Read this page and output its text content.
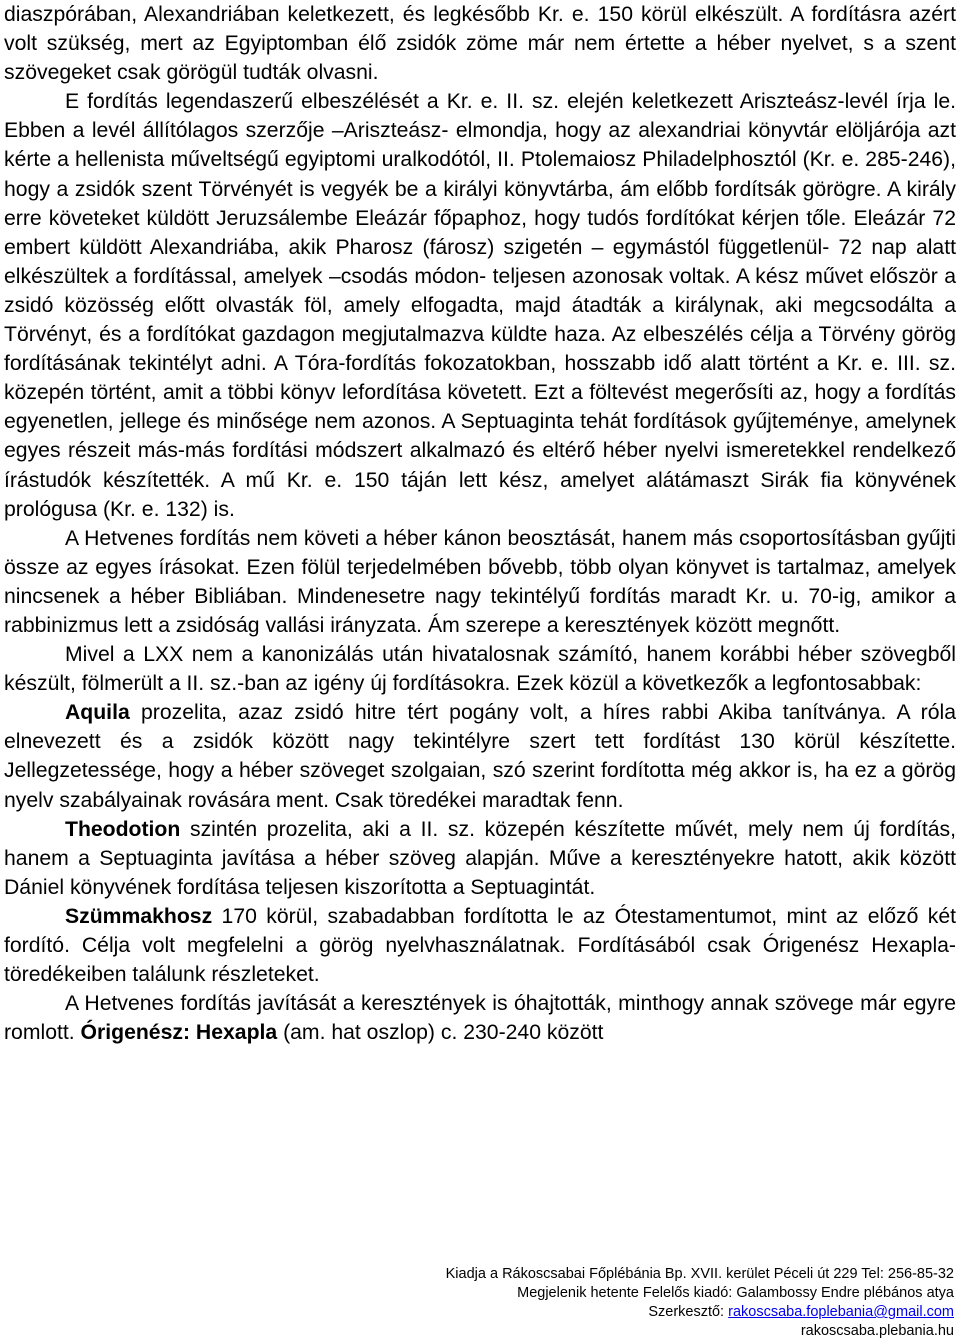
diaszpórában, Alexandriában keletkezett, és legkésőbb Kr. e. 150 körül elkészült. A fordításra azért volt szükség, mert az Egyiptomban élő zsidók zöme már nem értette a héber nyelvet, s a szent szövegeket csak görögül tudták olvasni.

E fordítás legendaszerű elbeszélését a Kr. e. II. sz. elején keletkezett Ariszteász-levél írja le. Ebben a levél állítólagos szerzője –Ariszteász- elmondja, hogy az alexandriai könyvtár elöljárója azt kérte a hellenista műveltségű egyiptomi uralkodótól, II. Ptolemaiosz Philadelphosztól (Kr. e. 285-246), hogy a zsidók szent Törvényét is vegyék be a királyi könyvtárba, ám előbb fordítsák görögre. A király erre követeket küldött Jeruzsálembe Eleázár főpaphoz, hogy tudós fordítókat kérjen tőle. Eleázár 72 embert küldött Alexandriába, akik Pharosz (fárosz) szigetén – egymástól függetlenül- 72 nap alatt elkészültek a fordítással, amelyek –csodás módon- teljesen azonosak voltak. A kész művet először a zsidó közösség előtt olvasták föl, amely elfogadta, majd átadták a királynak, aki megcsodálta a Törvényt, és a fordítókat gazdagon megjutalmazva küldte haza. Az elbeszélés célja a Törvény görög fordításának tekintélyt adni. A Tóra-fordítás fokozatokban, hosszabb idő alatt történt a Kr. e. III. sz. közepén történt, amit a többi könyv lefordítása követett. Ezt a föltevést megerősíti az, hogy a fordítás egyenetlen, jellege és minősége nem azonos. A Septuaginta tehát fordítások gyűjteménye, amelynek egyes részeit más-más fordítási módszert alkalmazó és eltérő héber nyelvi ismeretekkel rendelkező írástudók készítették. A mű Kr. e. 150 táján lett kész, amelyet alátámaszt Sirák fia könyvének prológusa (Kr. e. 132) is.

A Hetvenes fordítás nem követi a héber kánon beosztását, hanem más csoportosításban gyűjti össze az egyes írásokat. Ezen fölül terjedelmében bővebb, több olyan könyvet is tartalmaz, amelyek nincsenek a héber Bibliában. Mindenesetre nagy tekintélyű fordítás maradt Kr. u. 70-ig, amikor a rabbinizmus lett a zsidóság vallási irányzata. Ám szerepe a keresztények között megnőtt.

Mivel a LXX nem a kanonizálás után hivatalosnak számító, hanem korábbi héber szövegből készült, fölmerült a II. sz.-ban az igény új fordításokra. Ezek közül a következők a legfontosabbak:

Aquila prozelita, azaz zsidó hitre tért pogány volt, a híres rabbi Akiba tanítványa. A róla elnevezett és a zsidók között nagy tekintélyre szert tett fordítást 130 körül készítette. Jellegzetessége, hogy a héber szöveget szolgaian, szó szerint fordította még akkor is, ha ez a görög nyelv szabályainak rovására ment. Csak töredékei maradtak fenn.

Theodotion szintén prozelita, aki a II. sz. közepén készítette művét, mely nem új fordítás, hanem a Septuaginta javítása a héber szöveg alapján. Műve a keresztényekre hatott, akik között Dániel könyvének fordítása teljesen kiszorította a Septuagintát.

Szümmakhosz 170 körül, szabadabban fordította le az Ótestamentumot, mint az előző két fordító. Célja volt megfelelni a görög nyelvhasználatnak. Fordításából csak Órigenész Hexapla-töredékeiben találunk részleteket.

A Hetvenes fordítás javítását a keresztények is óhajtották, minthogy annak szövege már egyre romlott. Órigenész: Hexapla (am. hat oszlop) c. 230-240 között

Kiadja a Rákoscsabai Főplébánia Bp. XVII. kerület Péceli út 229 Tel: 256-85-32
Megjelenik hetente Felelős kiadó: Galambossy Endre plébános atya
Szerkesztő: rakoscsaba.foplebania@gmail.com
rakoscsaba.plebania.hu
